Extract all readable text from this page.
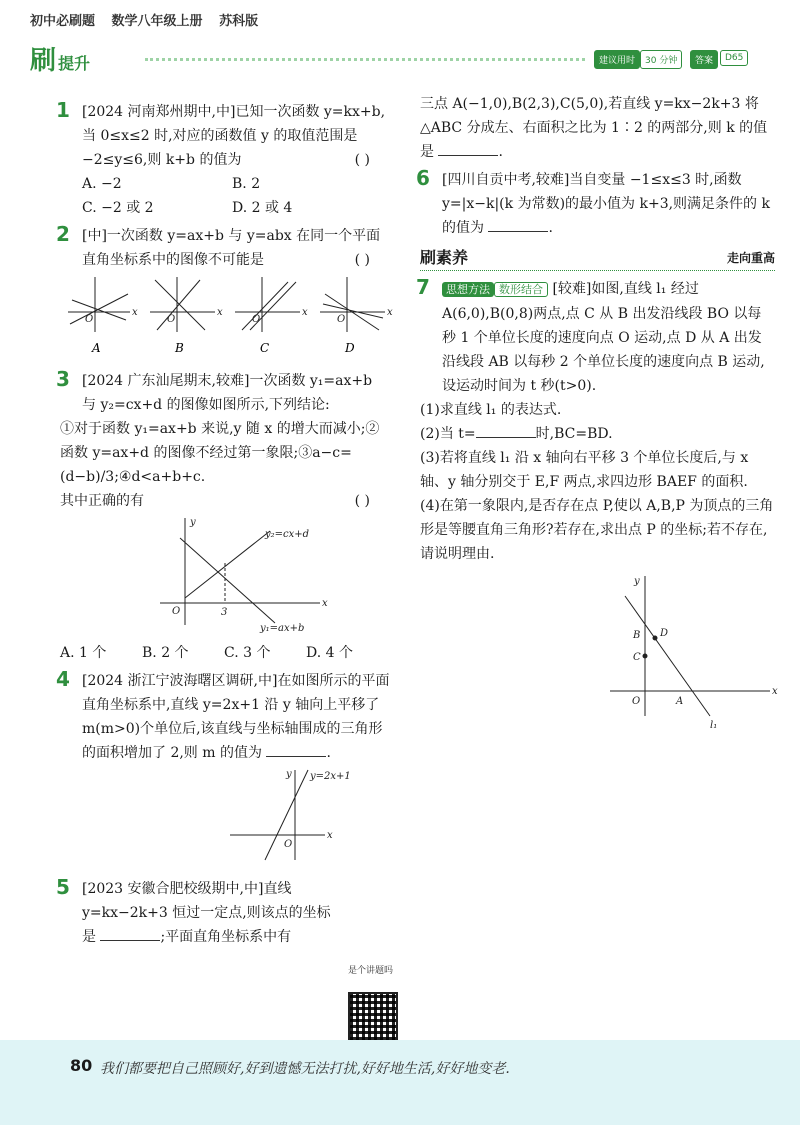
初中必刷题 数学八年级上册 苏科版
刷提升	建议用时	30 分钟	答案	D65
1 [2024 河南郑州期中,中]已知一次函数 y=kx+b,当 0≤x≤2 时,对应的函数值 y 的取值范围是 −2≤y≤6,则 k+b 的值为	( )
A. −2	B. 2
C. −2 或 2	D. 2 或 4
2 [中]一次函数 y=ax+b 与 y=abx 在同一个平面直角坐标系中的图像不可能是	( )
x
O
x
O
x
O
x
O
A	B	C	D
3 [2024 广东汕尾期末,较难]一次函数 y₁=ax+b 与 y₂=cx+d 的图像如图所示,下列结论:
①对于函数 y₁=ax+b 来说,y 随 x 的增大而减小;②函数 y=ax+d 的图像不经过第一象限;③a−c=(d−b)/3;④d<a+b+c.
其中正确的有	( )
x
y
O	3
y₂=cx+d
y₁=ax+b
A. 1 个	B. 2 个	C. 3 个	D. 4 个
4 [2024 浙江宁波海曙区调研,中]在如图所示的平面直角坐标系中,直线 y=2x+1 沿 y 轴向上平移了 m(m>0)个单位后,该直线与坐标轴围成的三角形的面积增加了 2,则 m 的值为	.
x
y
O
y=2x+1
5 [2023 安徽合肥校级期中,中]直线 y=kx−2k+3 恒过一定点,则该点的坐标是	;平面直角坐标系中有
是个讲题吗
三点 A(−1,0),B(2,3),C(5,0),若直线 y=kx−2k+3 将△ABC 分成左、右面积之比为 1∶2 的两部分,则 k 的值是	.
6 [四川自贡中考,较难]当自变量 −1≤x≤3 时,函数 y=|x−k|(k 为常数)的最小值为 k+3,则满足条件的 k 的值为	.
刷素养	走向重高
7	思想方法 数形结合 [较难]如图,直线 l₁ 经过 A(6,0),B(0,8)两点,点 C 从 B 出发沿线段 BO 以每秒 1 个单位长度的速度向点 O 运动,点 D 从 A 出发沿线段 AB 以每秒 2 个单位长度的速度向点 B 运动,设运动时间为 t 秒(t>0).
(1)求直线 l₁ 的表达式.
(2)当 t=	时,BC=BD.
(3)若将直线 l₁ 沿 x 轴向右平移 3 个单位长度后,与 x 轴、y 轴分别交于 E,F 两点,求四边形 BAEF 的面积.
(4)在第一象限内,是否存在点 P,使以 A,B,P 为顶点的三角形是等腰直角三角形?若存在,求出点 P 的坐标;若不存在,请说明理由.
x
y
O	A
B
C
D
l₁
80 我们都要把自己照顾好,好到遗憾无法打扰,好好地生活,好好地变老.
